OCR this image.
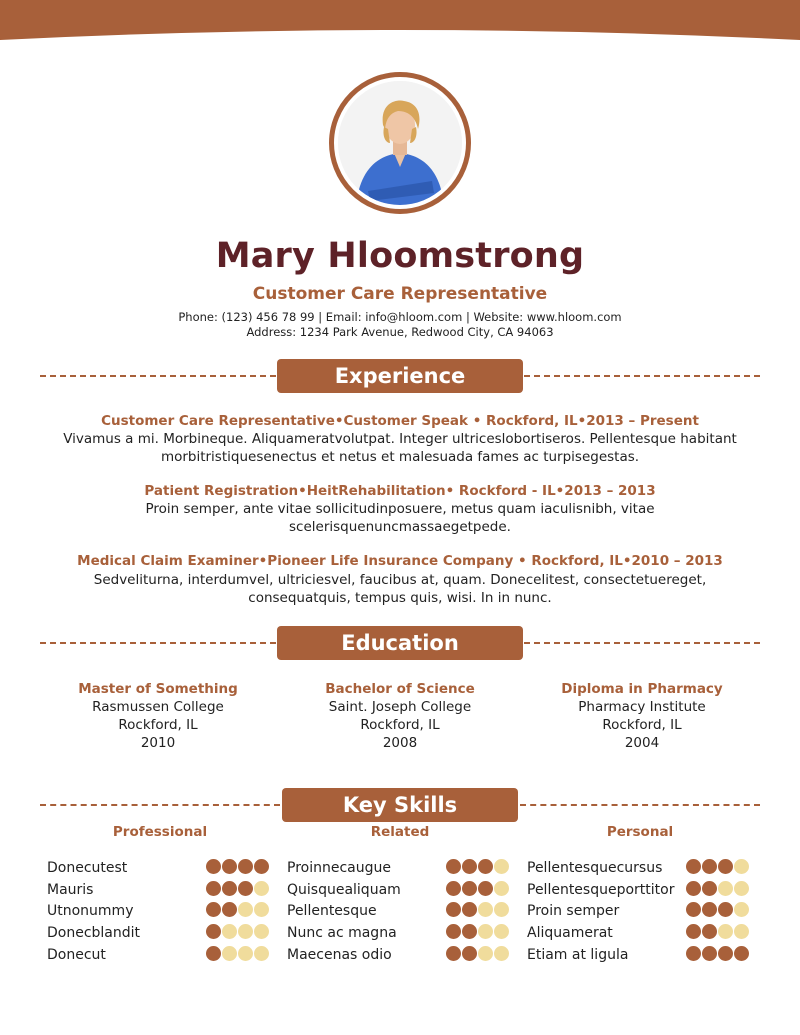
Mary Hloomstrong
Customer Care Representative
Phone: (123) 456 78 99 | Email: info@hloom.com | Website: www.hloom.com
Address: 1234 Park Avenue, Redwood City, CA 94063
Experience
Customer Care Representative•Customer Speak • Rockford, IL•2013 – Present
Vivamus a mi. Morbineque. Aliquameratvolutpat. Integer ultriceslobortiseros. Pellentesque habitant
morbitristiquesenectus et netus et malesuada fames ac turpisegestas.
Patient Registration•HeitRehabilitation• Rockford - IL•2013 – 2013
Proin semper, ante vitae sollicitudinposuere, metus quam iaculisnibh, vitae
scelerisquenuncmassaegetpede.
Medical Claim Examiner•Pioneer Life Insurance Company • Rockford, IL•2010 – 2013
Sedveliturna, interdumvel, ultriciesvel, faucibus at, quam. Donecelitest, consectetuereget,
consequatquis, tempus quis, wisi. In in nunc.
Education
Master of Something
Rasmussen College
Rockford, IL
2010
Bachelor of Science
Saint. Joseph College
Rockford, IL
2008
Diploma in Pharmacy
Pharmacy Institute
Rockford, IL
2004
Key Skills
Professional	Related	Personal
Donecutest
Mauris
Utnonummy
Donecblandit
Donecut
Proinnecaugue
Quisquealiquam
Pellentesque
Nunc ac magna
Maecenas odio
Pellentesquecursus
Pellentesqueporttitor
Proin semper
Aliquamerat
Etiam at ligula
